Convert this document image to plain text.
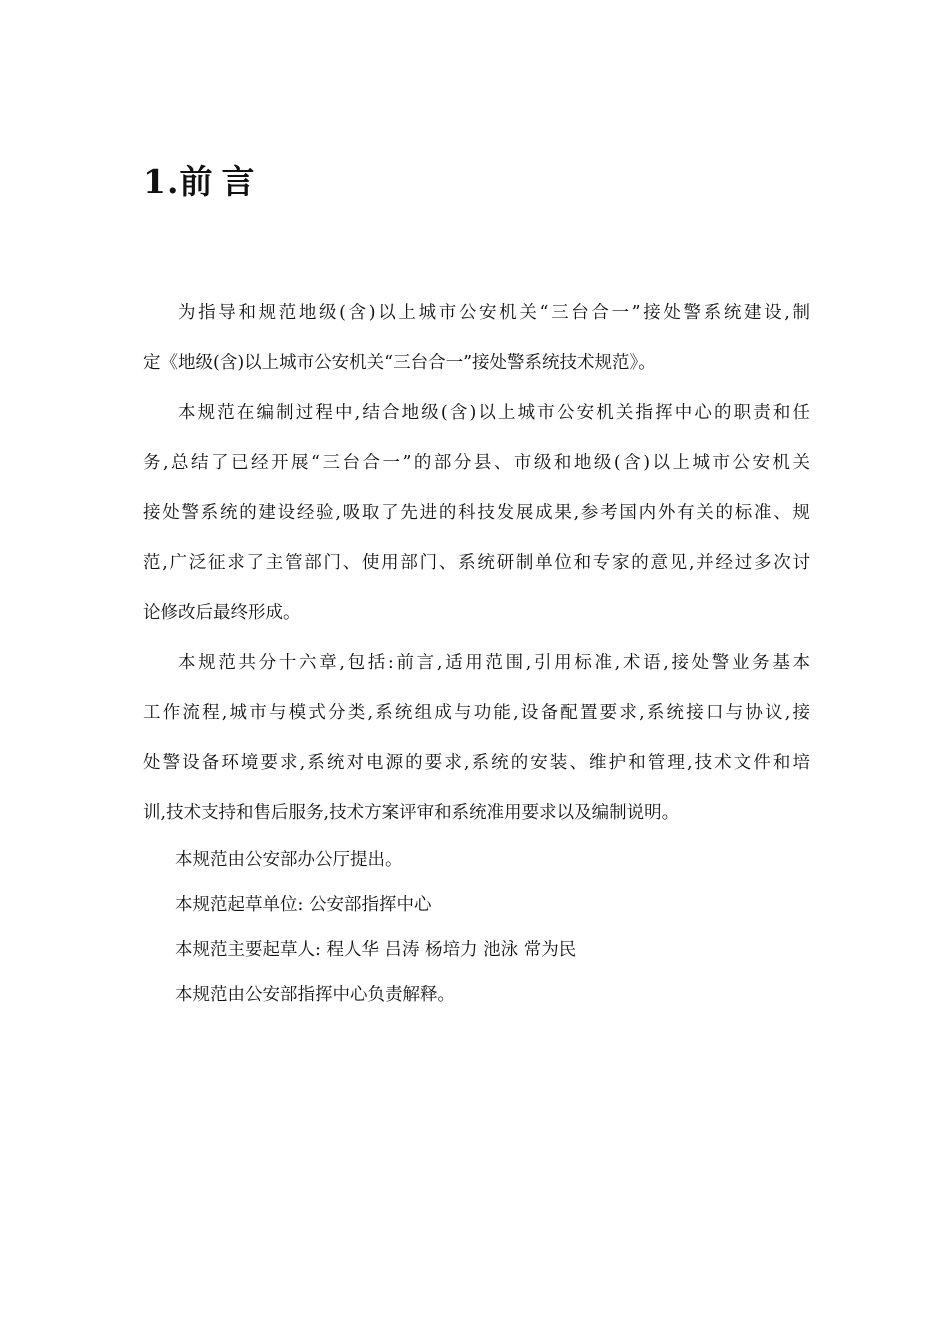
1.前 言
为指导和规范地级(含)以上城市公安机关“三台合一”接处警系统建设,制
定《地级(含)以上城市公安机关“三台合一”接处警系统技术规范》。
本规范在编制过程中,结合地级(含)以上城市公安机关指挥中心的职责和任
务,总结了已经开展“三台合一”的部分县、市级和地级(含)以上城市公安机关
接处警系统的建设经验,吸取了先进的科技发展成果,参考国内外有关的标准、规
范,广泛征求了主管部门、使用部门、系统研制单位和专家的意见,并经过多次讨
论修改后最终形成。
本规范共分十六章,包括:前言,适用范围,引用标准,术语,接处警业务基本
工作流程,城市与模式分类,系统组成与功能,设备配置要求,系统接口与协议,接
处警设备环境要求,系统对电源的要求,系统的安装、维护和管理,技术文件和培
训,技术支持和售后服务,技术方案评审和系统准用要求以及编制说明。
本规范由公安部办公厅提出。
本规范起草单位: 公安部指挥中心
本规范主要起草人: 程人华 吕涛 杨培力 池泳 常为民
本规范由公安部指挥中心负责解释。
